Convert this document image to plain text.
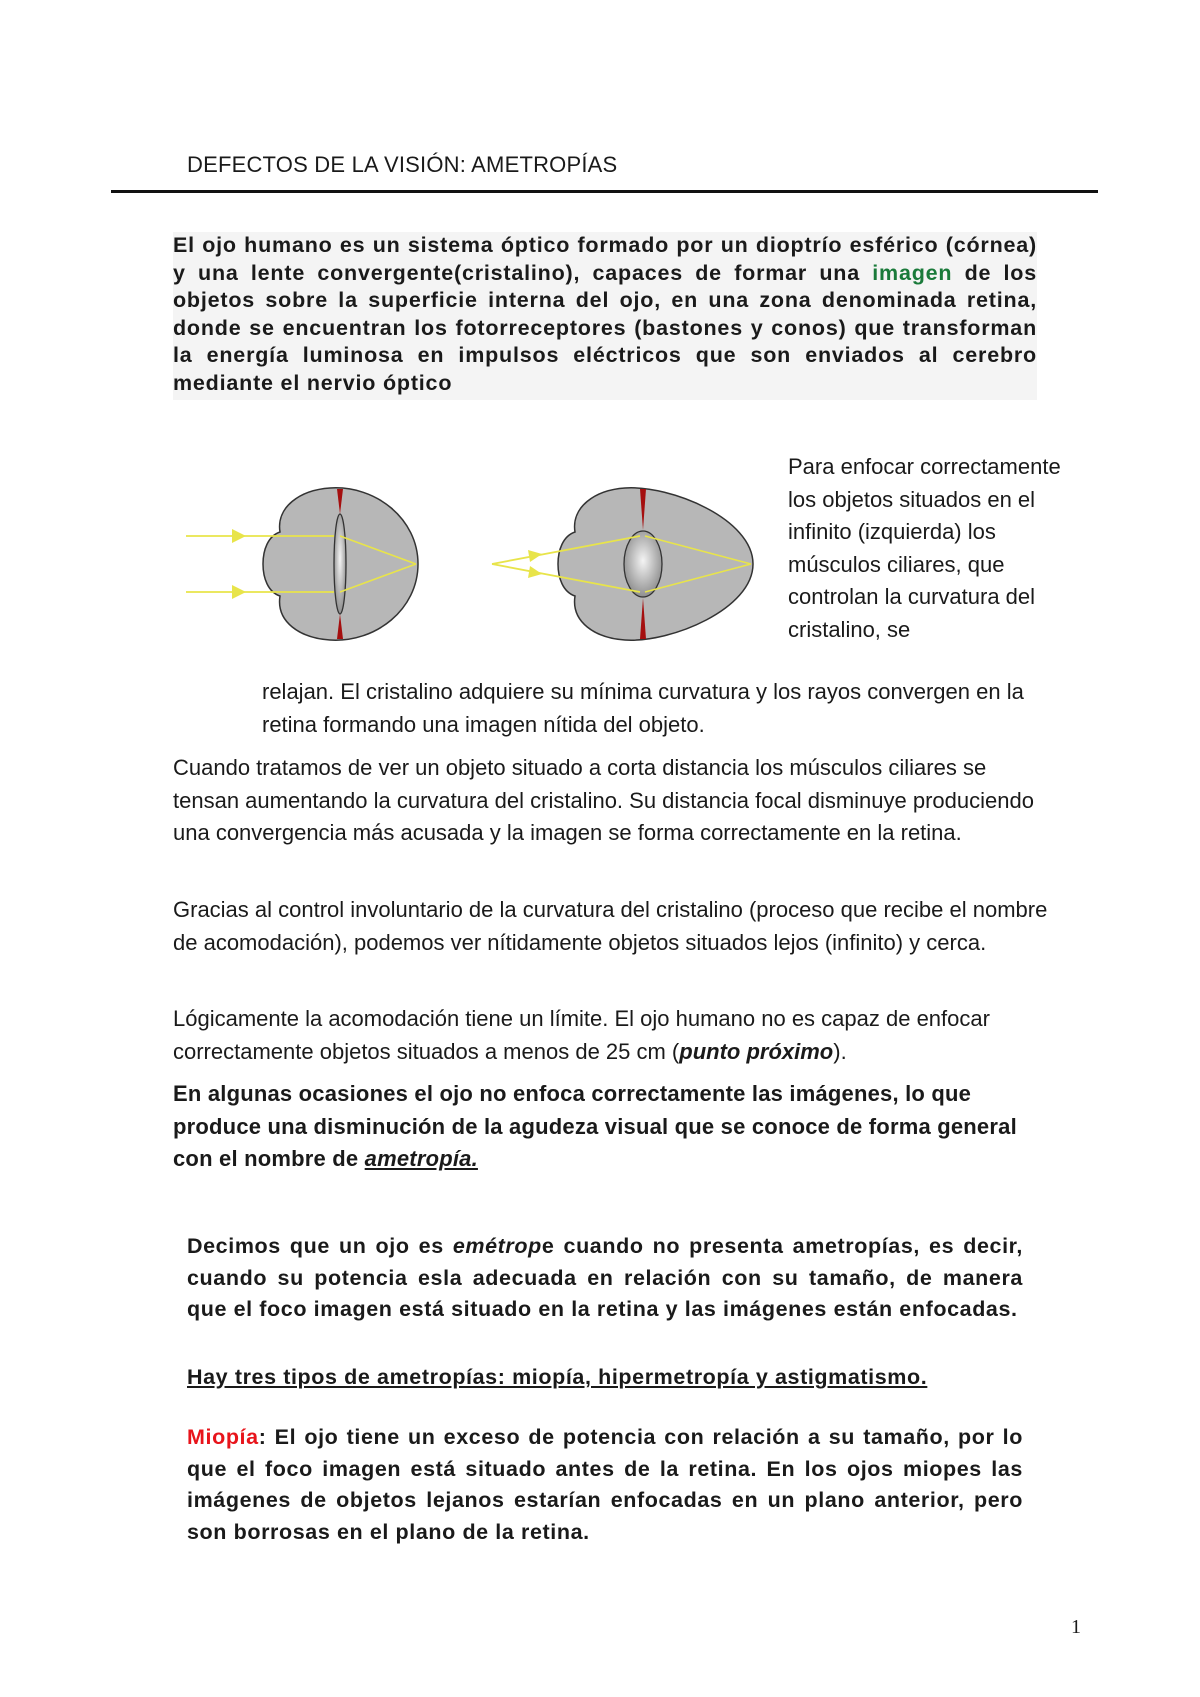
DEFECTOS DE LA VISIÓN: AMETROPÍAS

El ojo humano es un sistema óptico formado por un dioptrío esférico (córnea) y una lente convergente(cristalino), capaces de formar una imagen de los objetos sobre la superficie interna del ojo, en una zona denominada retina, donde se encuentran los fotorreceptores (bastones y conos) que transforman la energía luminosa en impulsos eléctricos que son enviados al cerebro mediante el nervio óptico

Para enfocar correctamente los objetos situados en el infinito (izquierda) los músculos ciliares, que controlan la curvatura del cristalino, se

relajan. El cristalino adquiere su mínima curvatura y los rayos convergen en la retina formando una imagen nítida del objeto.

Cuando tratamos de ver un objeto situado a corta distancia los músculos ciliares se tensan aumentando la curvatura del cristalino. Su distancia focal disminuye produciendo una convergencia más acusada y la imagen se forma correctamente en la retina.

Gracias al control involuntario de la curvatura del cristalino (proceso que recibe el nombre de acomodación), podemos ver nítidamente objetos situados lejos (infinito) y cerca.

Lógicamente la acomodación tiene un límite. El ojo humano no es capaz de enfocar correctamente objetos situados a menos de 25 cm (punto próximo).

En algunas ocasiones el ojo no enfoca correctamente las imágenes, lo que produce una disminución de la agudeza visual que se conoce de forma general con el nombre de ametropía.

Decimos que un ojo es emétrope cuando no presenta ametropías, es decir, cuando su potencia esla adecuada en relación con su tamaño, de manera que el foco imagen está situado en la retina y las imágenes están enfocadas.

Hay tres tipos de ametropías: miopía, hipermetropía y astigmatismo.

Miopía: El ojo tiene un exceso de potencia con relación a su tamaño, por lo que el foco imagen está situado antes de la retina. En los ojos miopes las imágenes de objetos lejanos estarían enfocadas en un plano anterior, pero son borrosas en el plano de la retina.

1
